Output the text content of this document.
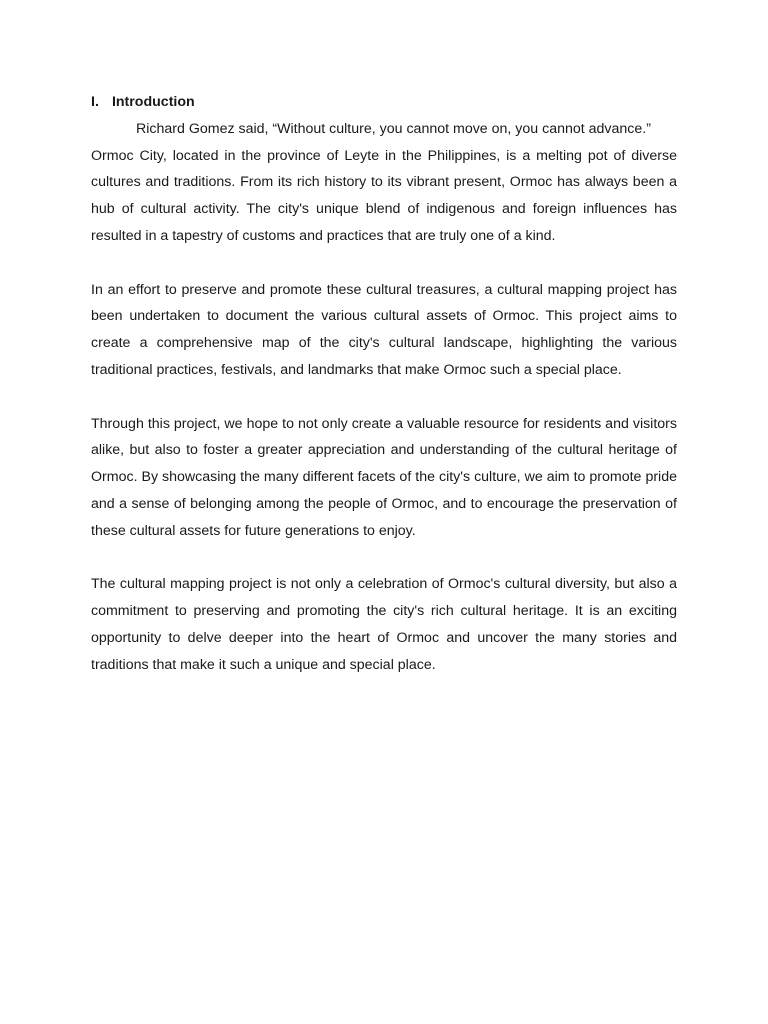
I. Introduction

Richard Gomez said, “Without culture, you cannot move on, you cannot advance.”

Ormoc City, located in the province of Leyte in the Philippines, is a melting pot of diverse cultures and traditions. From its rich history to its vibrant present, Ormoc has always been a hub of cultural activity. The city's unique blend of indigenous and foreign influences has resulted in a tapestry of customs and practices that are truly one of a kind.

In an effort to preserve and promote these cultural treasures, a cultural mapping project has been undertaken to document the various cultural assets of Ormoc. This project aims to create a comprehensive map of the city's cultural landscape, highlighting the various traditional practices, festivals, and landmarks that make Ormoc such a special place.

Through this project, we hope to not only create a valuable resource for residents and visitors alike, but also to foster a greater appreciation and understanding of the cultural heritage of Ormoc. By showcasing the many different facets of the city's culture, we aim to promote pride and a sense of belonging among the people of Ormoc, and to encourage the preservation of these cultural assets for future generations to enjoy.

The cultural mapping project is not only a celebration of Ormoc's cultural diversity, but also a commitment to preserving and promoting the city's rich cultural heritage. It is an exciting opportunity to delve deeper into the heart of Ormoc and uncover the many stories and traditions that make it such a unique and special place.
